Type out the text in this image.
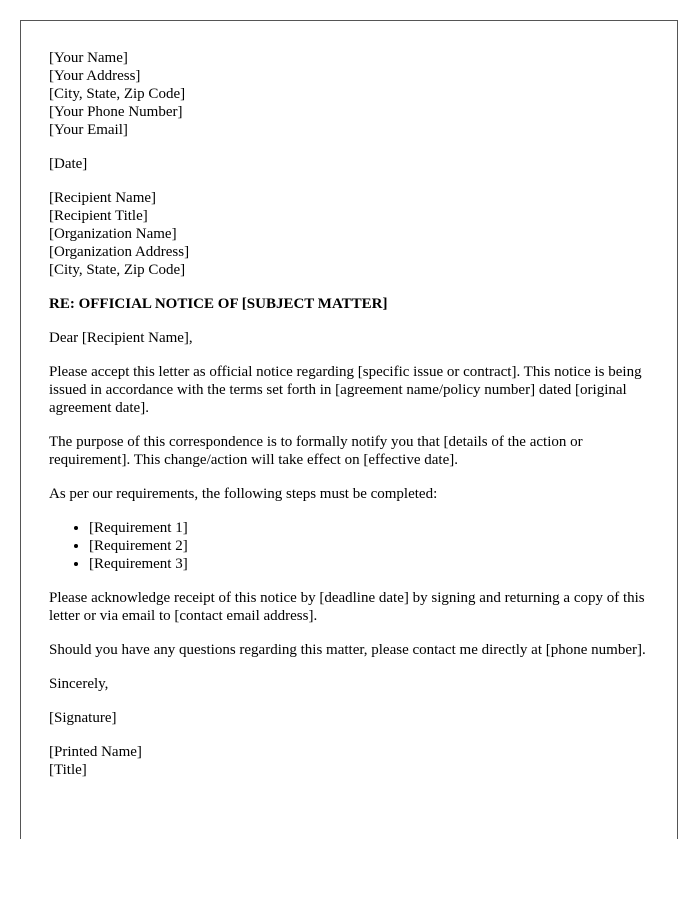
[Your Name]
[Your Address]
[City, State, Zip Code]
[Your Phone Number]
[Your Email]
[Date]
[Recipient Name]
[Recipient Title]
[Organization Name]
[Organization Address]
[City, State, Zip Code]
RE: OFFICIAL NOTICE OF [SUBJECT MATTER]

Dear [Recipient Name],

Please accept this letter as official notice regarding [specific issue or contract]. This notice is being issued in accordance with the terms set forth in [agreement name/policy number] dated [original agreement date].

The purpose of this correspondence is to formally notify you that [details of the action or requirement]. This change/action will take effect on [effective date].

As per our requirements, the following steps must be completed:

• [Requirement 1]
• [Requirement 2]
• [Requirement 3]

Please acknowledge receipt of this notice by [deadline date] by signing and returning a copy of this letter or via email to [contact email address].

Should you have any questions regarding this matter, please contact me directly at [phone number].

Sincerely,

[Signature]

[Printed Name]
[Title]
